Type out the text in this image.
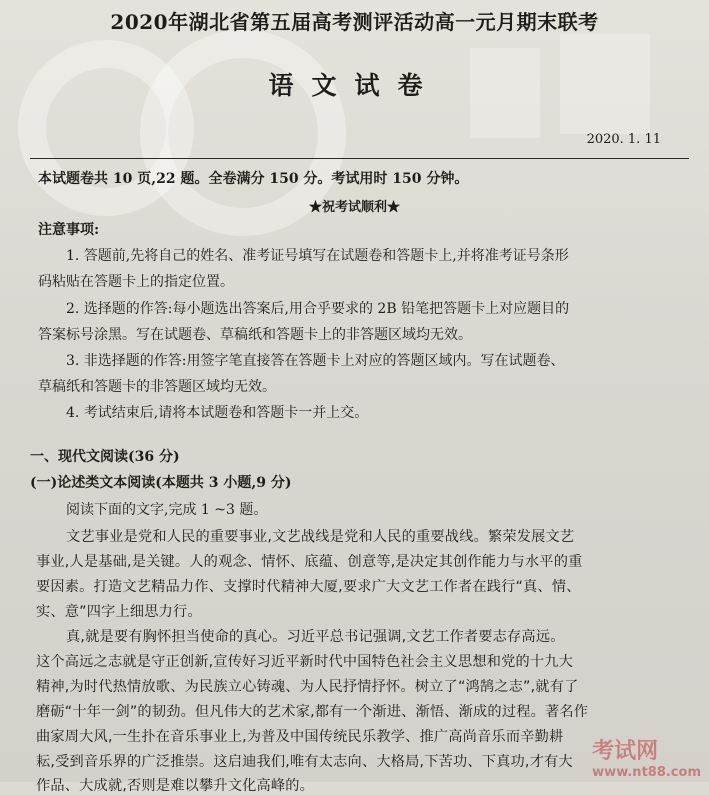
2020年湖北省第五届高考测评活动高一元月期末联考
语文试卷
2020. 1. 11
本试题卷共 10 页,22 题。全卷满分 150 分。考试用时 150 分钟。
★祝考试顺利★
注意事项:
1. 答题前,先将自己的姓名、准考证号填写在试题卷和答题卡上,并将准考证号条形
码粘贴在答题卡上的指定位置。
2. 选择题的作答:每小题选出答案后,用合乎要求的 2B 铅笔把答题卡上对应题目的
答案标号涂黑。写在试题卷、草稿纸和答题卡上的非答题区域均无效。
3. 非选择题的作答:用签字笔直接答在答题卡上对应的答题区域内。写在试题卷、
草稿纸和答题卡的非答题区域均无效。
4. 考试结束后,请将本试题卷和答题卡一并上交。
一、现代文阅读(36 分)
(一)论述类文本阅读(本题共 3 小题,9 分)
阅读下面的文字,完成 1 ~3 题。
文艺事业是党和人民的重要事业,文艺战线是党和人民的重要战线。繁荣发展文艺
事业,人是基础,是关键。人的观念、情怀、底蕴、创意等,是决定其创作能力与水平的重
要因素。打造文艺精品力作、支撑时代精神大厦,要求广大文艺工作者在践行“真、情、
实、意”四字上细思力行。
真,就是要有胸怀担当使命的真心。习近平总书记强调,文艺工作者要志存高远。
这个高远之志就是守正创新,宣传好习近平新时代中国特色社会主义思想和党的十九大
精神,为时代热情放歌、为民族立心铸魂、为人民抒情抒怀。树立了“鸿鹄之志”,就有了
磨砺“十年一剑”的韧劲。但凡伟大的艺术家,都有一个渐进、渐悟、渐成的过程。著名作
曲家周大风,一生扑在音乐事业上,为普及中国传统民乐教学、推广高尚音乐而辛勤耕
耘,受到音乐界的广泛推崇。这启迪我们,唯有太志向、大格局,下苦功、下真功,才有大
作品、大成就,否则是难以攀升文化高峰的。
考试网
www.nt88.com
